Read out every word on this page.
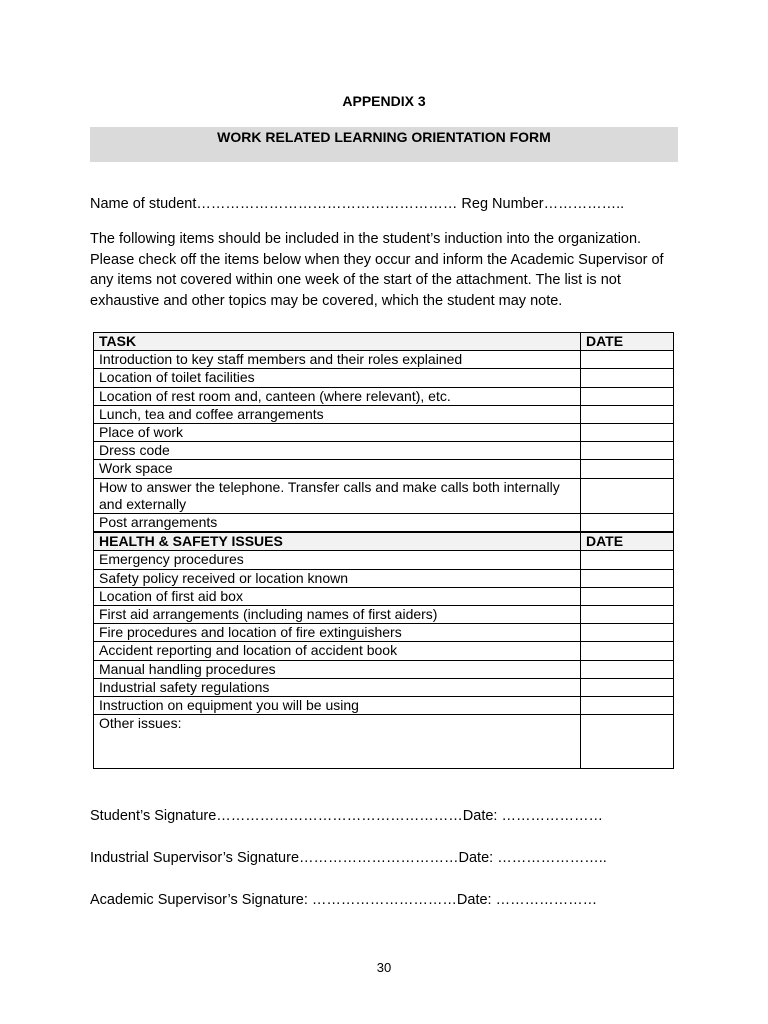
APPENDIX 3
WORK RELATED LEARNING ORIENTATION FORM
Name of student……………………………………………… Reg Number……………..
The following items should be included in the student’s induction into the organization. Please check off the items below when they occur and inform the Academic Supervisor of any items not covered within one week of the start of the attachment. The list is not exhaustive and other topics may be covered, which the student may note.
TASK	DATE
Introduction to key staff members and their roles explained	
Location of toilet facilities	
Location of rest room and, canteen (where relevant), etc.	
Lunch, tea and coffee arrangements	
Place of work	
Dress code	
Work space	
How to answer the telephone. Transfer calls and make calls both internally and externally	
Post arrangements	
HEALTH & SAFETY ISSUES	DATE
Emergency procedures	
Safety policy received or location known	
Location of first aid box	
First aid arrangements (including names of first aiders)	
Fire procedures and location of fire extinguishers	
Accident reporting and location of accident book	
Manual handling procedures	
Industrial safety regulations	
Instruction on equipment you will be using	
Other issues:	
Student’s Signature……………………………………………Date: …………………
Industrial Supervisor’s Signature……………………………Date: …………………..
Academic Supervisor’s Signature: …………………………Date: …………………
30
